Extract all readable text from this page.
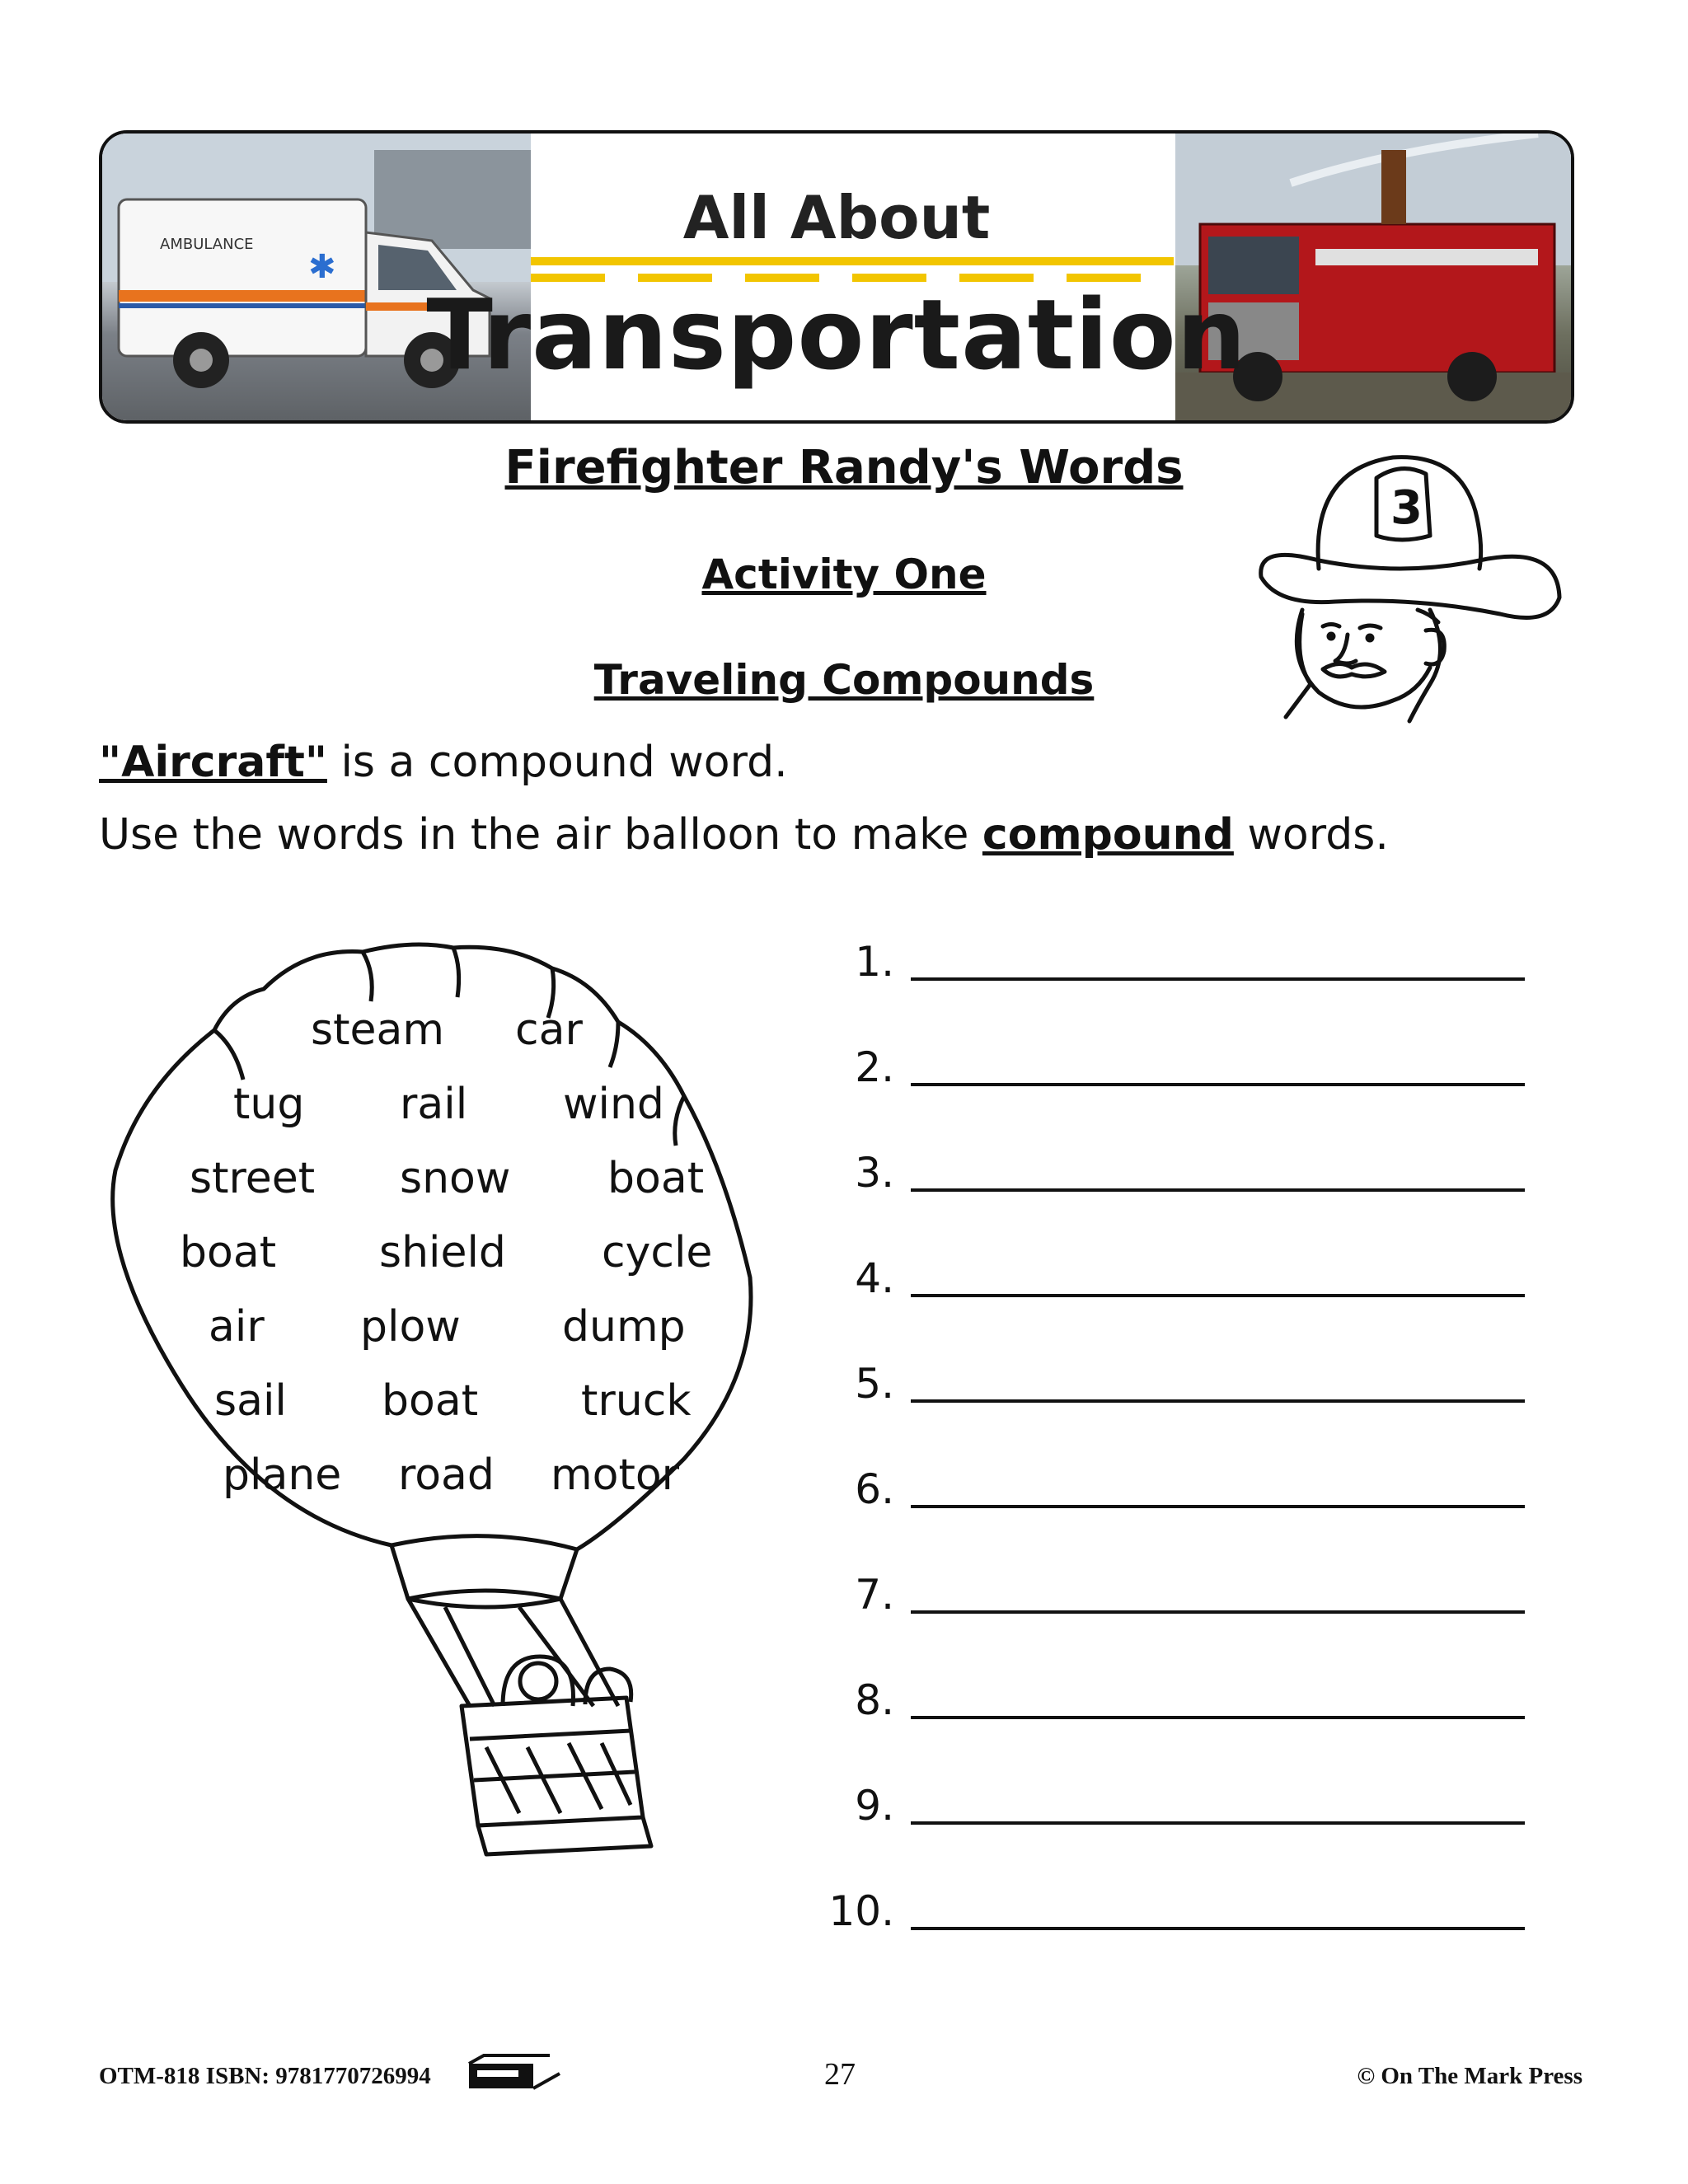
AMBULANCE
✱
All About
Transportation
Firefighter Randy's Words
Activity One
Traveling Compounds
3
"Aircraft" is a compound word.
Use the words in the air balloon to make compound words.
steam car
tug rail wind
street snow boat
boat shield cycle
air plow dump
sail boat truck
plane road motor
1.
2.
3.
4.
5.
6.
7.
8.
9.
10.
OTM-818 ISBN: 9781770726994	27	© On The Mark Press
